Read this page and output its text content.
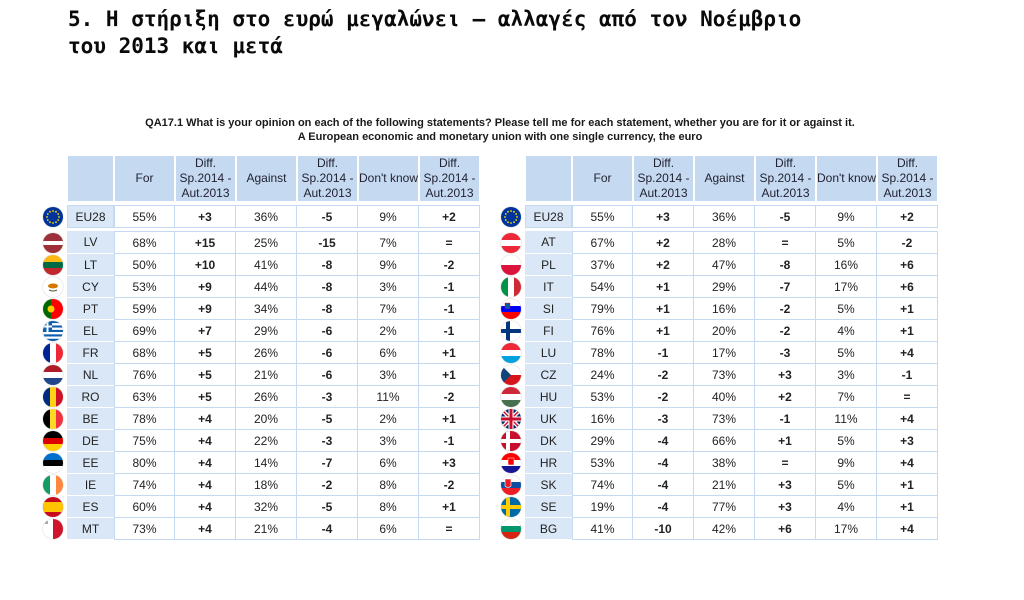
5. Η στήριξη στο ευρώ μεγαλώνει – αλλαγές από τον Νοέμβριο
του 2013 και μετά
QA17.1 What is your opinion on each of the following statements? Please tell me for each statement, whether you are for it or against it.
A European economic and monetary union with one single currency, the euro
		For	Diff. Sp.2014 - Aut.2013	Against	Diff. Sp.2014 - Aut.2013	Don't know	Diff. Sp.2014 - Aut.2013

	EU28	55%	+3	36%	-5	9%	+2

	LV	68%	+15	25%	-15	7%	=

	LT	50%	+10	41%	-8	9%	-2

	CY	53%	+9	44%	-8	3%	-1

	PT	59%	+9	34%	-8	7%	-1

	EL	69%	+7	29%	-6	2%	-1

	FR	68%	+5	26%	-6	6%	+1

	NL	76%	+5	21%	-6	3%	+1

	RO	63%	+5	26%	-3	11%	-2

	BE	78%	+4	20%	-5	2%	+1

	DE	75%	+4	22%	-3	3%	-1

	EE	80%	+4	14%	-7	6%	+3

	IE	74%	+4	18%	-2	8%	-2

	ES	60%	+4	32%	-5	8%	+1

	MT	73%	+4	21%	-4	6%	=
		For	Diff. Sp.2014 - Aut.2013	Against	Diff. Sp.2014 - Aut.2013	Don't know	Diff. Sp.2014 - Aut.2013

	EU28	55%	+3	36%	-5	9%	+2

	AT	67%	+2	28%	=	5%	-2

	PL	37%	+2	47%	-8	16%	+6

	IT	54%	+1	29%	-7	17%	+6

	SI	79%	+1	16%	-2	5%	+1

	FI	76%	+1	20%	-2	4%	+1

	LU	78%	-1	17%	-3	5%	+4

	CZ	24%	-2	73%	+3	3%	-1

	HU	53%	-2	40%	+2	7%	=

	UK	16%	-3	73%	-1	11%	+4

	DK	29%	-4	66%	+1	5%	+3

	HR	53%	-4	38%	=	9%	+4

	SK	74%	-4	21%	+3	5%	+1

	SE	19%	-4	77%	+3	4%	+1

	BG	41%	-10	42%	+6	17%	+4
